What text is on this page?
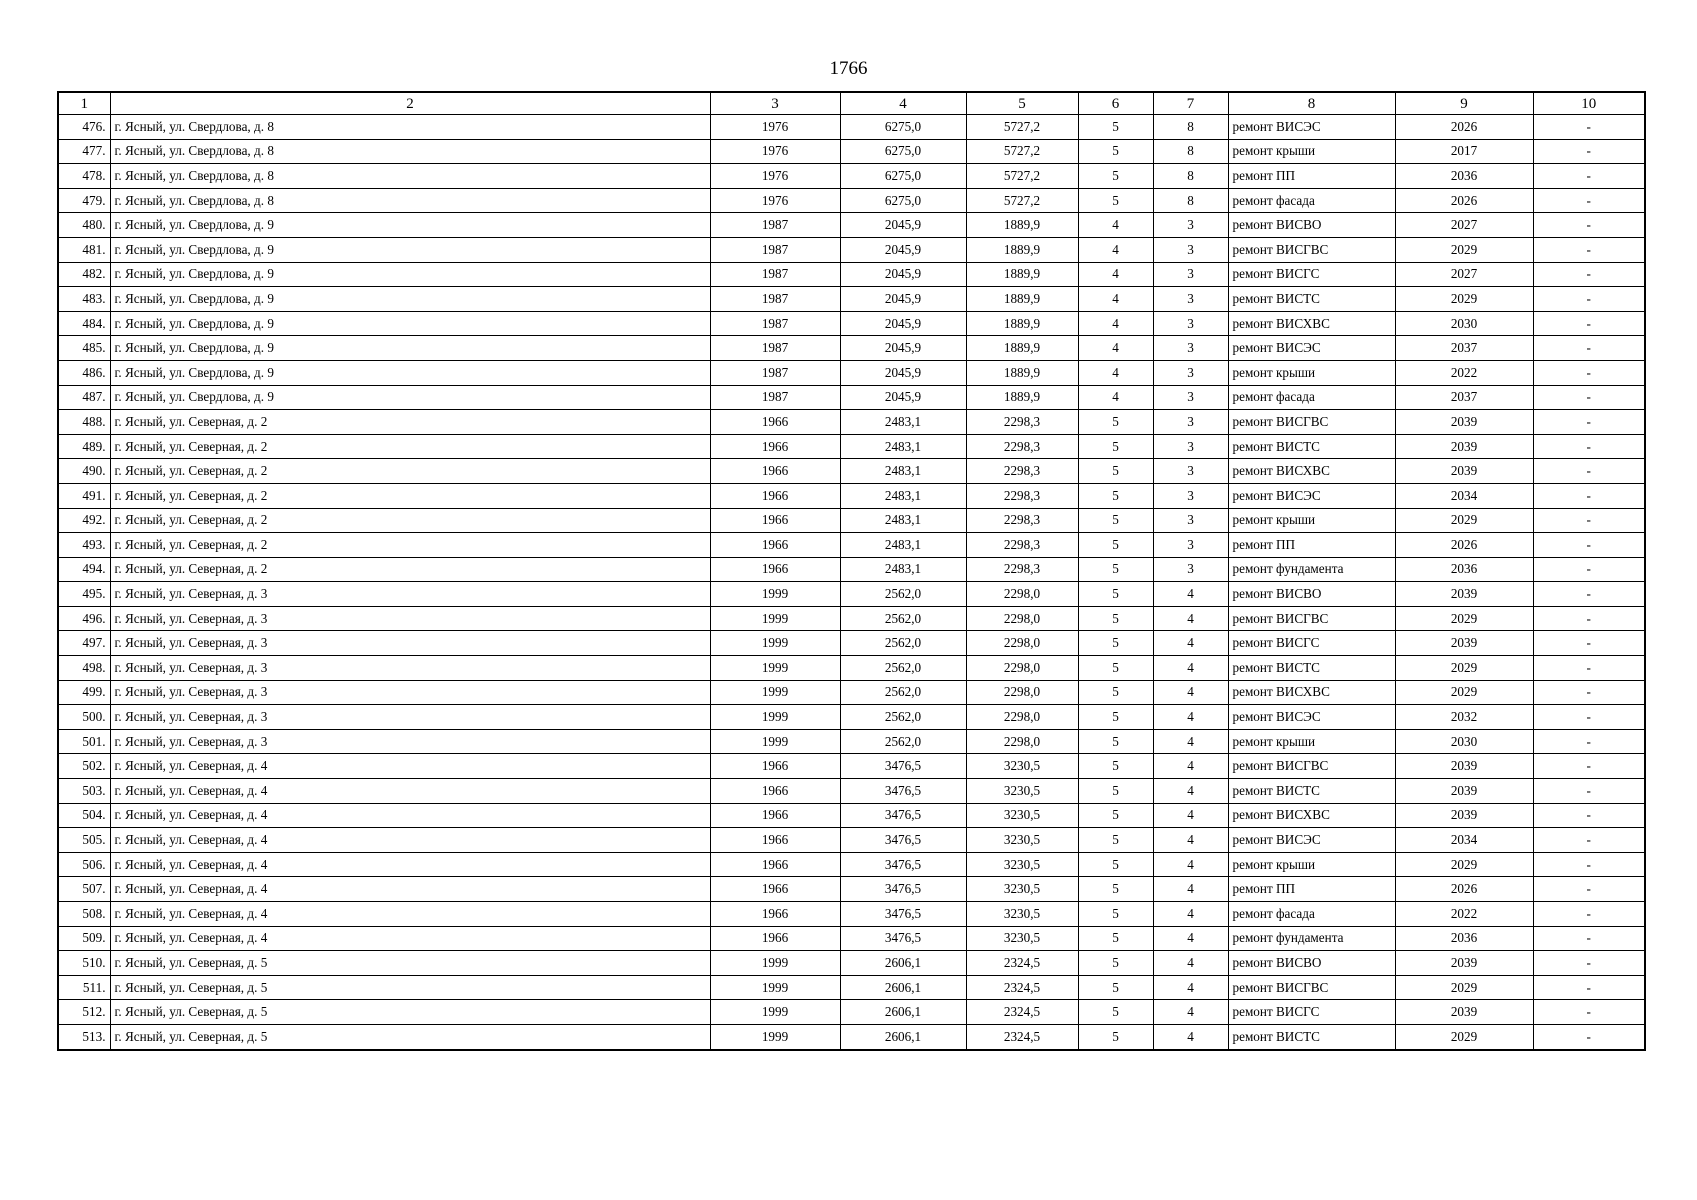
1766
1	2	3	4	5	6	7	8	9	10
476.	г. Ясный, ул. Свердлова, д. 8	1976	6275,0	5727,2	5	8	ремонт ВИСЭС	2026	-
477.	г. Ясный, ул. Свердлова, д. 8	1976	6275,0	5727,2	5	8	ремонт крыши	2017	-
478.	г. Ясный, ул. Свердлова, д. 8	1976	6275,0	5727,2	5	8	ремонт ПП	2036	-
479.	г. Ясный, ул. Свердлова, д. 8	1976	6275,0	5727,2	5	8	ремонт фасада	2026	-
480.	г. Ясный, ул. Свердлова, д. 9	1987	2045,9	1889,9	4	3	ремонт ВИСВО	2027	-
481.	г. Ясный, ул. Свердлова, д. 9	1987	2045,9	1889,9	4	3	ремонт ВИСГВС	2029	-
482.	г. Ясный, ул. Свердлова, д. 9	1987	2045,9	1889,9	4	3	ремонт ВИСГС	2027	-
483.	г. Ясный, ул. Свердлова, д. 9	1987	2045,9	1889,9	4	3	ремонт ВИСТС	2029	-
484.	г. Ясный, ул. Свердлова, д. 9	1987	2045,9	1889,9	4	3	ремонт ВИСХВС	2030	-
485.	г. Ясный, ул. Свердлова, д. 9	1987	2045,9	1889,9	4	3	ремонт ВИСЭС	2037	-
486.	г. Ясный, ул. Свердлова, д. 9	1987	2045,9	1889,9	4	3	ремонт крыши	2022	-
487.	г. Ясный, ул. Свердлова, д. 9	1987	2045,9	1889,9	4	3	ремонт фасада	2037	-
488.	г. Ясный, ул. Северная, д. 2	1966	2483,1	2298,3	5	3	ремонт ВИСГВС	2039	-
489.	г. Ясный, ул. Северная, д. 2	1966	2483,1	2298,3	5	3	ремонт ВИСТС	2039	-
490.	г. Ясный, ул. Северная, д. 2	1966	2483,1	2298,3	5	3	ремонт ВИСХВС	2039	-
491.	г. Ясный, ул. Северная, д. 2	1966	2483,1	2298,3	5	3	ремонт ВИСЭС	2034	-
492.	г. Ясный, ул. Северная, д. 2	1966	2483,1	2298,3	5	3	ремонт крыши	2029	-
493.	г. Ясный, ул. Северная, д. 2	1966	2483,1	2298,3	5	3	ремонт ПП	2026	-
494.	г. Ясный, ул. Северная, д. 2	1966	2483,1	2298,3	5	3	ремонт фундамента	2036	-
495.	г. Ясный, ул. Северная, д. 3	1999	2562,0	2298,0	5	4	ремонт ВИСВО	2039	-
496.	г. Ясный, ул. Северная, д. 3	1999	2562,0	2298,0	5	4	ремонт ВИСГВС	2029	-
497.	г. Ясный, ул. Северная, д. 3	1999	2562,0	2298,0	5	4	ремонт ВИСГС	2039	-
498.	г. Ясный, ул. Северная, д. 3	1999	2562,0	2298,0	5	4	ремонт ВИСТС	2029	-
499.	г. Ясный, ул. Северная, д. 3	1999	2562,0	2298,0	5	4	ремонт ВИСХВС	2029	-
500.	г. Ясный, ул. Северная, д. 3	1999	2562,0	2298,0	5	4	ремонт ВИСЭС	2032	-
501.	г. Ясный, ул. Северная, д. 3	1999	2562,0	2298,0	5	4	ремонт крыши	2030	-
502.	г. Ясный, ул. Северная, д. 4	1966	3476,5	3230,5	5	4	ремонт ВИСГВС	2039	-
503.	г. Ясный, ул. Северная, д. 4	1966	3476,5	3230,5	5	4	ремонт ВИСТС	2039	-
504.	г. Ясный, ул. Северная, д. 4	1966	3476,5	3230,5	5	4	ремонт ВИСХВС	2039	-
505.	г. Ясный, ул. Северная, д. 4	1966	3476,5	3230,5	5	4	ремонт ВИСЭС	2034	-
506.	г. Ясный, ул. Северная, д. 4	1966	3476,5	3230,5	5	4	ремонт крыши	2029	-
507.	г. Ясный, ул. Северная, д. 4	1966	3476,5	3230,5	5	4	ремонт ПП	2026	-
508.	г. Ясный, ул. Северная, д. 4	1966	3476,5	3230,5	5	4	ремонт фасада	2022	-
509.	г. Ясный, ул. Северная, д. 4	1966	3476,5	3230,5	5	4	ремонт фундамента	2036	-
510.	г. Ясный, ул. Северная, д. 5	1999	2606,1	2324,5	5	4	ремонт ВИСВО	2039	-
511.	г. Ясный, ул. Северная, д. 5	1999	2606,1	2324,5	5	4	ремонт ВИСГВС	2029	-
512.	г. Ясный, ул. Северная, д. 5	1999	2606,1	2324,5	5	4	ремонт ВИСГС	2039	-
513.	г. Ясный, ул. Северная, д. 5	1999	2606,1	2324,5	5	4	ремонт ВИСТС	2029	-
